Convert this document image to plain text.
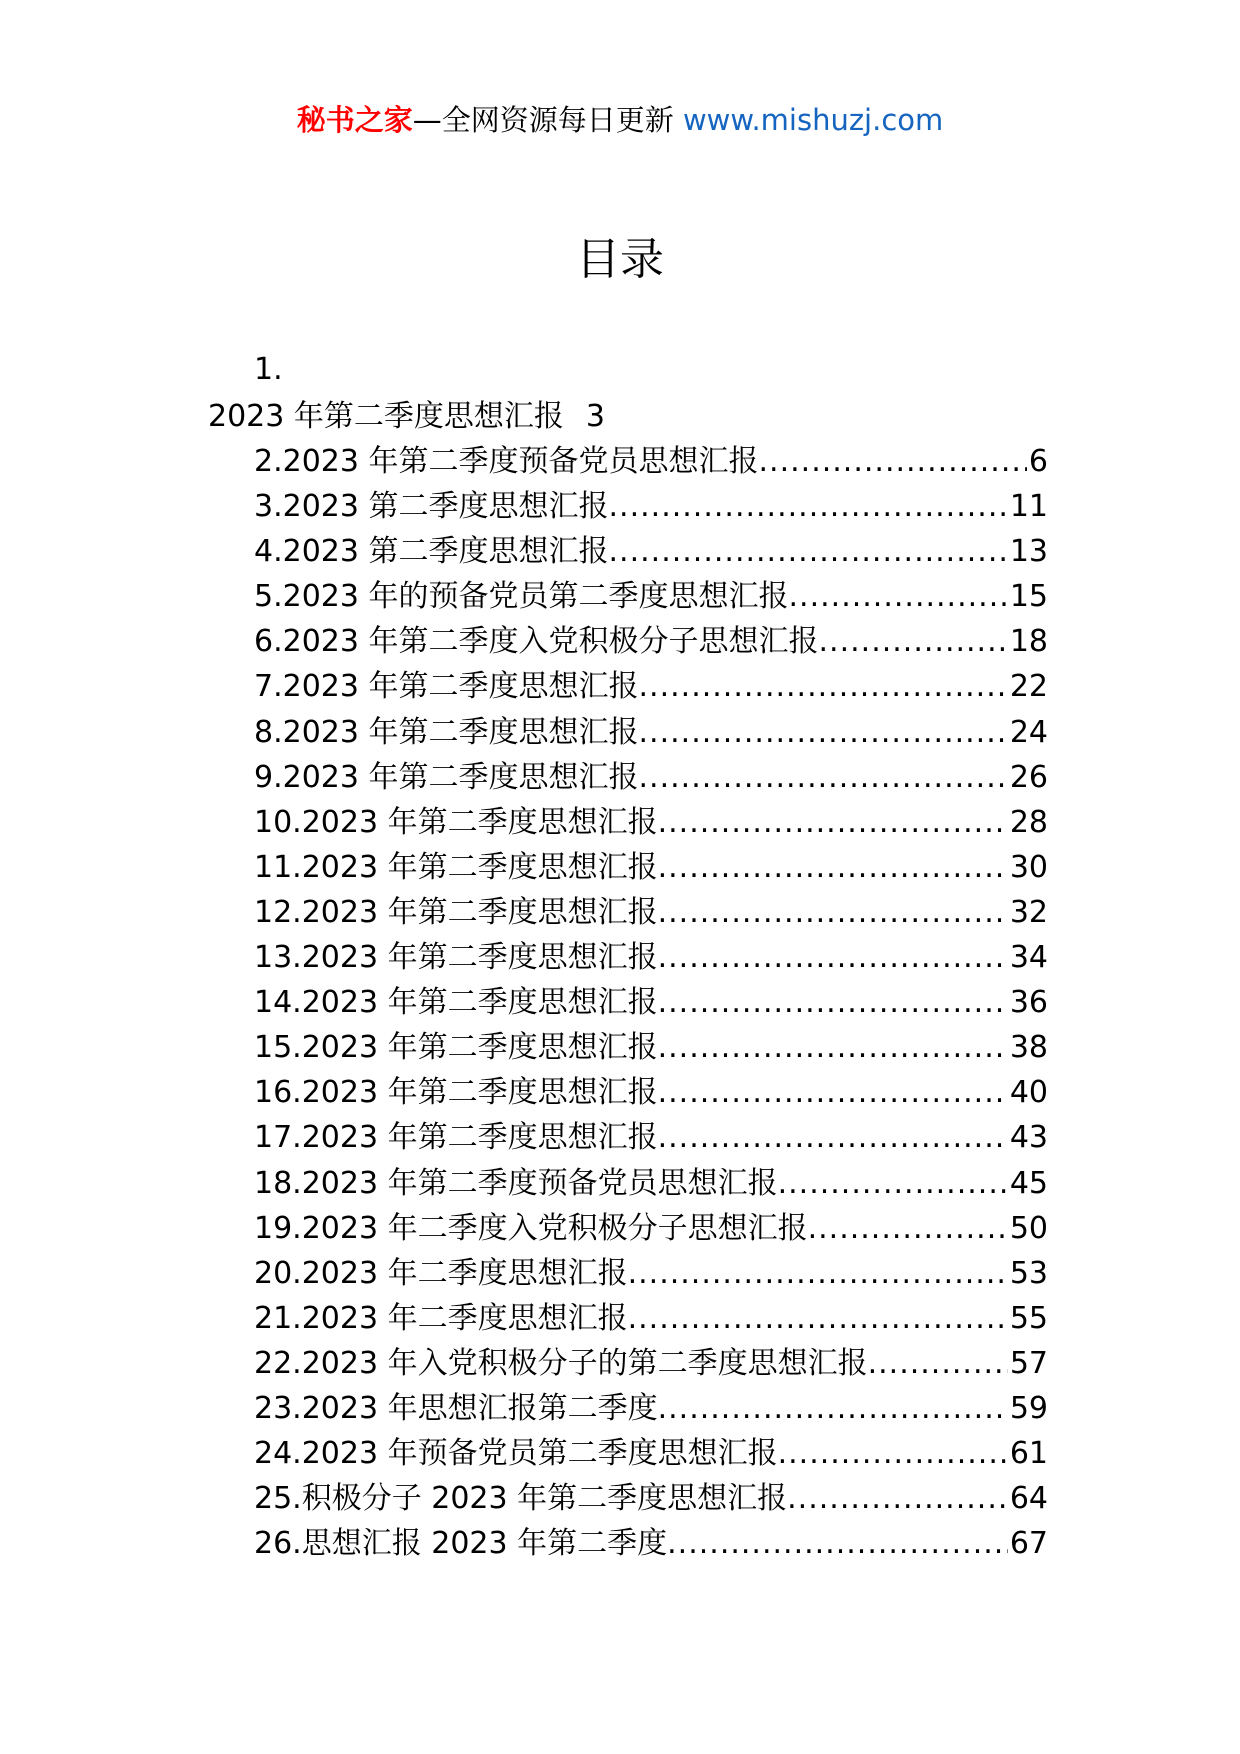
秘书之家—全网资源每日更新 www.mishuzj.com
目录
1.
2023 年第二季度思想汇报 3
2.2023 年第二季度预备党员思想汇报 .....	6
3.2023 第二季度思想汇报 .....	11
4.2023 第二季度思想汇报 .....	13
5.2023 年的预备党员第二季度思想汇报 .....	15
6.2023 年第二季度入党积极分子思想汇报 .....	18
7.2023 年第二季度思想汇报 .....	22
8.2023 年第二季度思想汇报 .....	24
9.2023 年第二季度思想汇报 .....	26
10.2023 年第二季度思想汇报 .....	28
11.2023 年第二季度思想汇报 .....	30
12.2023 年第二季度思想汇报 .....	32
13.2023 年第二季度思想汇报 .....	34
14.2023 年第二季度思想汇报 .....	36
15.2023 年第二季度思想汇报 .....	38
16.2023 年第二季度思想汇报 .....	40
17.2023 年第二季度思想汇报 .....	43
18.2023 年第二季度预备党员思想汇报 .....	45
19.2023 年二季度入党积极分子思想汇报 .....	50
20.2023 年二季度思想汇报 .....	53
21.2023 年二季度思想汇报 .....	55
22.2023 年入党积极分子的第二季度思想汇报 .....	57
23.2023 年思想汇报第二季度 .....	59
24.2023 年预备党员第二季度思想汇报 .....	61
25.积极分子 2023 年第二季度思想汇报 .....	64
26.思想汇报 2023 年第二季度 .....	67
